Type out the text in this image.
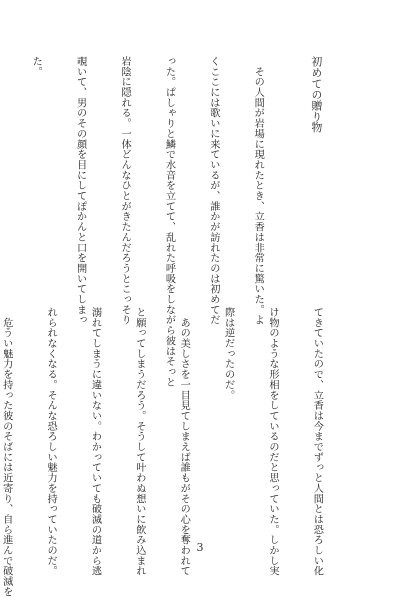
初めての贈り物

　その人間が岩場に現れたとき、立香は非常に驚いた。よ

くここには歌いに来ているが、誰かが訪れたのは初めてだ

った。ぱしゃりと鱗で水音を立てて、乱れた呼吸をしながら彼はそっと

岩陰に隠れる。一体どんなひとがきたんだろうとこっそり

覗いて、男のその顔を目にしてぽかんと口を開いてしまっ

た。

てきていたので、立香は今までずっと人間とは恐ろしい化

け物のような形相をしているのだと思っていた。しかし実

際は逆だったのだ。

　あの美しさを一目見てしまえば誰もがその心を奪われて

と願ってしまうだろう。そうして叶わぬ想いに飲み込まれ

溺れてしまうに違いない。わかっていても破滅の道から逃

れられなくなる。そんな恐ろしい魅力を持っていたのだ。

　危うい魅力を持った彼のそばには近寄り、自ら進んで破滅を

	3
